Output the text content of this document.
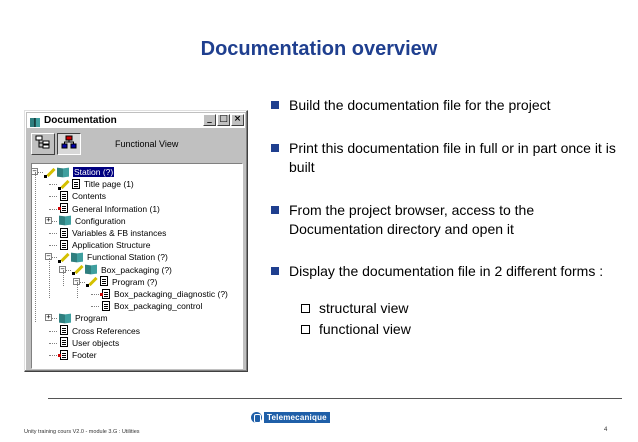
Documentation overview
Documentation	_ □ ×
Functional View
−	Station (?)
Title page (1)
Contents
General Information (1)
+	Configuration
Variables & FB instances
Application Structure
−	Functional Station (?)
−	Box_packaging (?)
−	Program (?)
Box_packaging_diagnostic (?)
Box_packaging_control
+	Program
Cross References
User objects
Footer
Build the documentation file for the project
Print this documentation file in full or in part once it is built
From the project browser, access to the Documentation directory and open it
Display the documentation file in 2 different forms :
structural view
functional view
Telemecanique
Unity training cours V2.0 - module 3.G : Utilities	4
